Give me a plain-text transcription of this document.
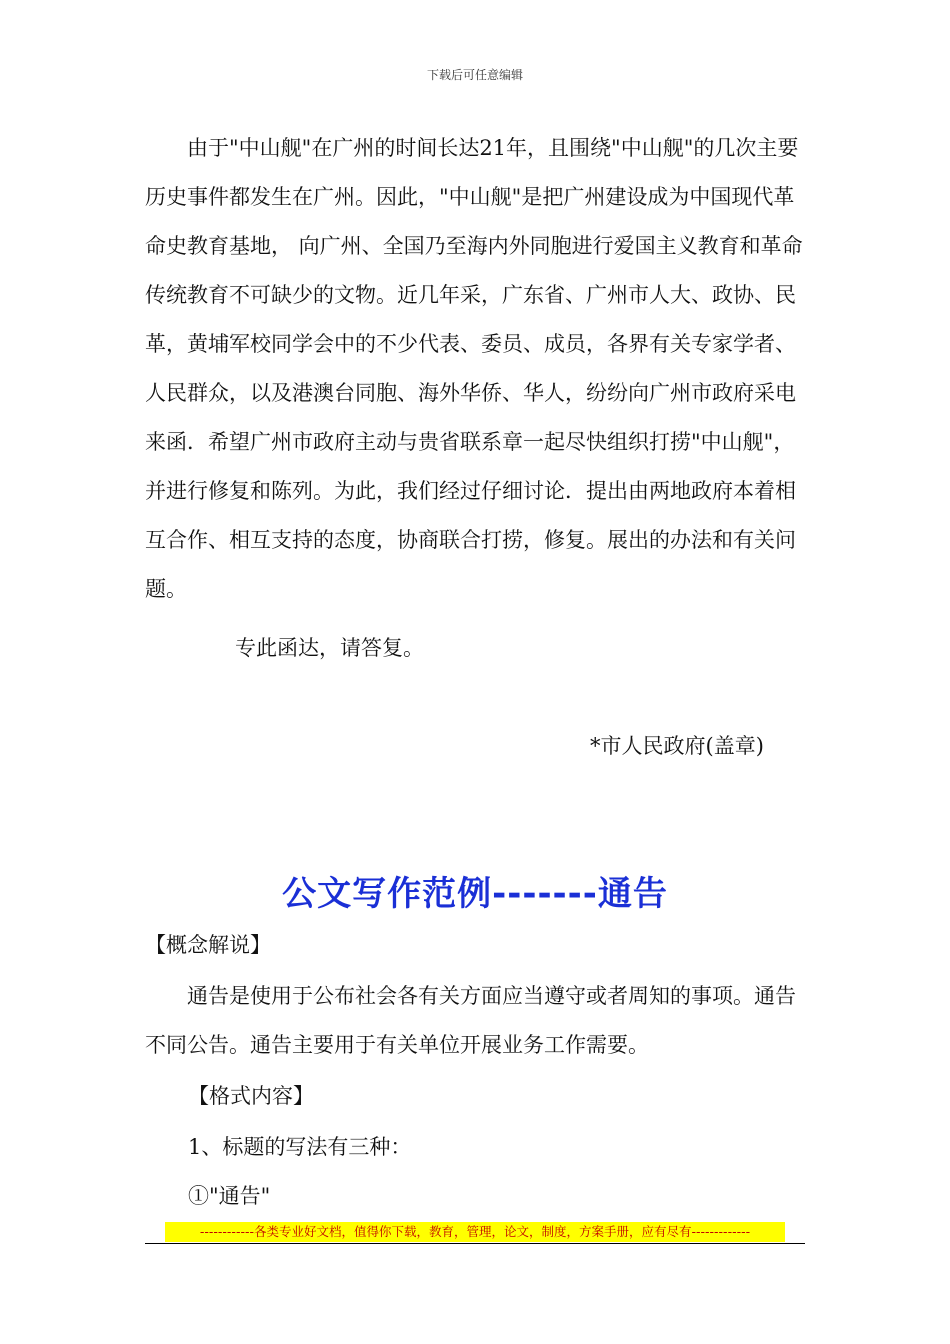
下载后可任意编辑
由于"中山舰"在广州的时间长达21年，且围绕"中山舰"的几次主要历史事件都发生在广州。因此，"中山舰"是把广州建设成为中国现代革命史教育基地， 向广州、全国乃至海内外同胞进行爱国主义教育和革命传统教育不可缺少的文物。近几年采，广东省、广州市人大、政协、民革，黄埔军校同学会中的不少代表、委员、成员，各界有关专家学者、人民群众，以及港澳台同胞、海外华侨、华人，纷纷向广州市政府采电来函．希望广州市政府主动与贵省联系章一起尽快组织打捞"中山舰"，并进行修复和陈列。为此，我们经过仔细讨论．提出由两地政府本着相互合作、相互支持的态度，协商联合打捞，修复。展出的办法和有关问题。
专此函达，请答复。
*市人民政府(盖章)
公文写作范例-------通告
【概念解说】
通告是使用于公布社会各有关方面应当遵守或者周知的事项。通告不同公告。通告主要用于有关单位开展业务工作需要。
【格式内容】
1、标题的写法有三种：
①"通告"
------------各类专业好文档，值得你下载，教育，管理，论文，制度，方案手册，应有尽有-------------
